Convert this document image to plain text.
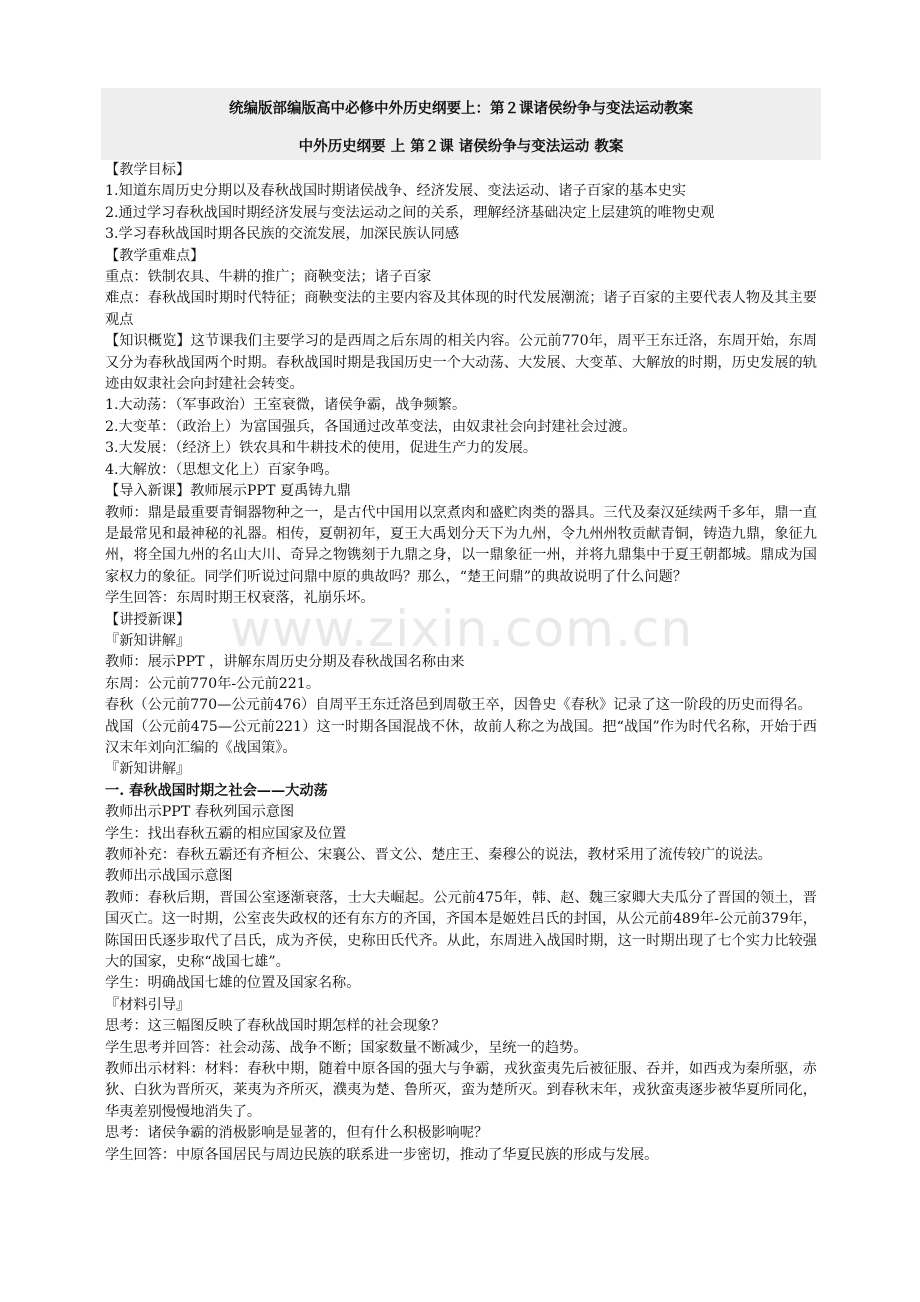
统编版部编版高中必修中外历史纲要上：第２课诸侯纷争与变法运动教案

中外历史纲要 上 第２课 诸侯纷争与变法运动 教案

【教学目标】

1.知道东周历史分期以及春秋战国时期诸侯战争、经济发展、变法运动、诸子百家的基本史实

2.通过学习春秋战国时期经济发展与变法运动之间的关系，理解经济基础决定上层建筑的唯物史观

3.学习春秋战国时期各民族的交流发展，加深民族认同感

【教学重难点】

重点：铁制农具、牛耕的推广；商鞅变法；诸子百家

难点：春秋战国时期时代特征；商鞅变法的主要内容及其体现的时代发展潮流；诸子百家的主要代表人物及其主要观点

【知识概览】这节课我们主要学习的是西周之后东周的相关内容。公元前770年，周平王东迁洛，东周开始，东周又分为春秋战国两个时期。春秋战国时期是我国历史一个大动荡、大发展、大变革、大解放的时期，历史发展的轨迹由奴隶社会向封建社会转变。

1.大动荡：（军事政治）王室衰微，诸侯争霸，战争频繁。

2.大变革：（政治上）为富国强兵，各国通过改革变法，由奴隶社会向封建社会过渡。

3.大发展：（经济上）铁农具和牛耕技术的使用，促进生产力的发展。

4.大解放：（思想文化上）百家争鸣。

【导入新课】教师展示PPT 夏禹铸九鼎

教师：鼎是最重要青铜器物种之一，是古代中国用以烹煮肉和盛贮肉类的器具。三代及秦汉延续两千多年，鼎一直是最常见和最神秘的礼器。相传，夏朝初年，夏王大禹划分天下为九州，令九州州牧贡献青铜，铸造九鼎，象征九州，将全国九州的名山大川、奇异之物镌刻于九鼎之身，以一鼎象征一州，并将九鼎集中于夏王朝都城。鼎成为国家权力的象征。同学们听说过问鼎中原的典故吗？那么，“楚王问鼎”的典故说明了什么问题？

学生回答：东周时期王权衰落，礼崩乐坏。

【讲授新课】

『新知讲解』

教师：展示PPT ，讲解东周历史分期及春秋战国名称由来

东周：公元前770年-公元前221。

春秋（公元前770—公元前476）自周平王东迁洛邑到周敬王卒，因鲁史《春秋》记录了这一阶段的历史而得名。

战国（公元前475—公元前221）这一时期各国混战不休，故前人称之为战国。把“战国”作为时代名称，开始于西汉末年刘向汇编的《战国策》。

『新知讲解』

一. 春秋战国时期之社会——大动荡

教师出示PPT 春秋列国示意图

学生：找出春秋五霸的相应国家及位置

教师补充：春秋五霸还有齐桓公、宋襄公、晋文公、楚庄王、秦穆公的说法，教材采用了流传较广的说法。

教师出示战国示意图

教师：春秋后期，晋国公室逐渐衰落，士大夫崛起。公元前475年，韩、赵、魏三家卿大夫瓜分了晋国的领土，晋国灭亡。这一时期，公室丧失政权的还有东方的齐国，齐国本是姬姓吕氏的封国，从公元前489年-公元前379年，陈国田氏逐步取代了吕氏，成为齐侯，史称田氏代齐。从此，东周进入战国时期，这一时期出现了七个实力比较强大的国家，史称“战国七雄”。

学生：明确战国七雄的位置及国家名称。

『材料引导』

思考：这三幅图反映了春秋战国时期怎样的社会现象？

学生思考并回答：社会动荡、战争不断；国家数量不断减少，呈统一的趋势。

教师出示材料：材料：春秋中期，随着中原各国的强大与争霸，戎狄蛮夷先后被征服、吞并，如西戎为秦所驱，赤狄、白狄为晋所灭，莱夷为齐所灭，濮夷为楚、鲁所灭，蛮为楚所灭。到春秋末年，戎狄蛮夷逐步被华夏所同化，华夷差别慢慢地消失了。

思考：诸侯争霸的消极影响是显著的，但有什么积极影响呢？

学生回答：中原各国居民与周边民族的联系进一步密切，推动了华夏民族的形成与发展。

www.zixin.com.cn
